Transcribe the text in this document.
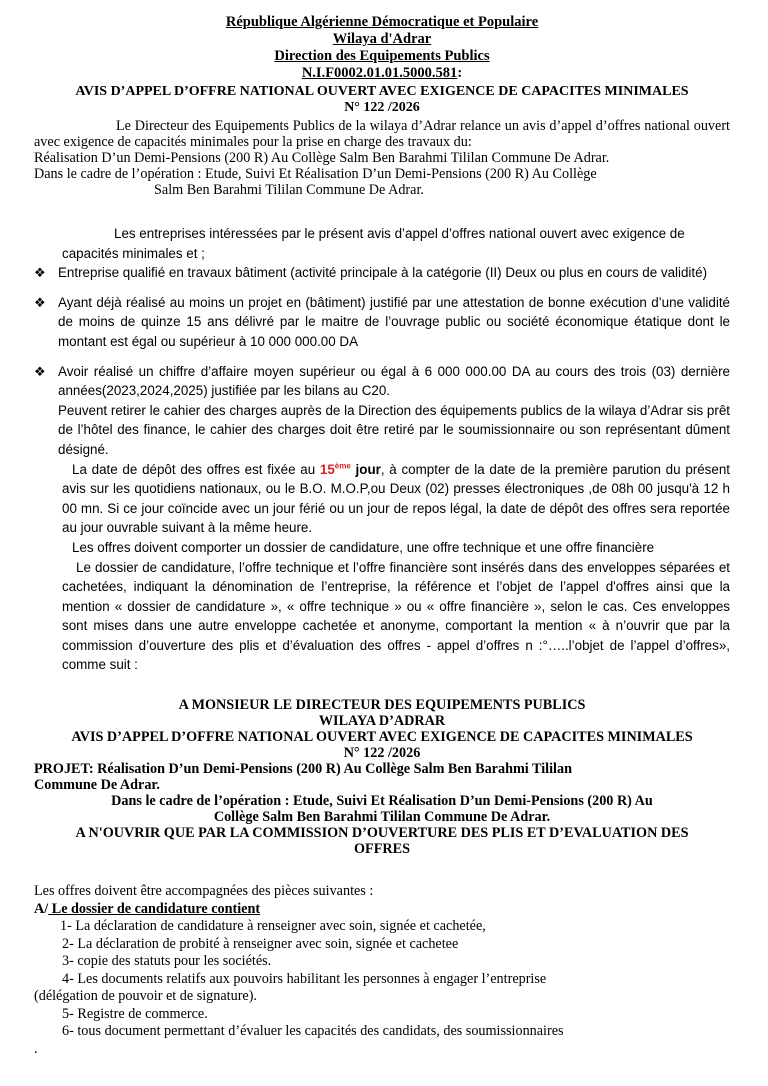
République Algérienne Démocratique et Populaire
Wilaya d'Adrar
Direction des Equipements Publics
N.I.F0002.01.01.5000.581:
AVIS D’APPEL D’OFFRE NATIONAL OUVERT AVEC EXIGENCE DE CAPACITES MINIMALES
N° 122 /2026

Le Directeur des Equipements Publics de la wilaya d’Adrar relance un avis d’appel d’offres national ouvert avec exigence de capacités minimales pour la prise en charge des travaux du:

Réalisation D’un Demi-Pensions (200 R) Au Collège Salm Ben Barahmi Tililan Commune De Adrar.

Dans le cadre de l’opération : Etude, Suivi Et Réalisation D’un Demi-Pensions (200 R) Au Collège

Salm Ben Barahmi Tililan Commune De Adrar.

Les entreprises intéressées par le présent avis d’appel d’offres national ouvert avec exigence de capacités minimales et ;

❖ Entreprise qualifié en travaux bâtiment (activité principale à la catégorie (II) Deux ou plus en cours de validité)
❖ Ayant déjà réalisé au moins un projet en (bâtiment) justifié par une attestation de bonne exécution d’une validité de moins de quinze 15 ans délivré par le maitre de l’ouvrage public ou société économique étatique dont le montant est égal ou supérieur à 10 000 000.00 DA
❖ Avoir réalisé un chiffre d’affaire moyen supérieur ou égal à 6 000 000.00 DA au cours des trois (03) dernière années(2023,2024,2025) justifiée par les bilans au C20.

Peuvent retirer le cahier des charges auprès de la Direction des équipements publics de la wilaya d’Adrar sis prêt de l’hôtel des finance, le cahier des charges doit être retiré par le soumissionnaire ou son représentant dûment désigné.

La date de dépôt des offres est fixée au 15ème jour, à compter de la date de la première parution du présent avis sur les quotidiens nationaux, ou le B.O. M.O.P,ou Deux (02) presses électroniques ,de 08h 00 jusqu'à 12 h 00 mn. Si ce jour coïncide avec un jour férié ou un jour de repos légal, la date de dépôt des offres sera reportée au jour ouvrable suivant à la même heure.

Les offres doivent comporter un dossier de candidature, une offre technique et une offre financière

Le dossier de candidature, l’offre technique et l’offre financière sont insérés dans des enveloppes séparées et cachetées, indiquant la dénomination de l’entreprise, la référence et l’objet de l’appel d'offres ainsi que la mention « dossier de candidature », « offre technique » ou « offre financière », selon le cas. Ces enveloppes sont mises dans une autre enveloppe cachetée et anonyme, comportant la mention « à n’ouvrir que par la commission d’ouverture des plis et d’évaluation des offres - appel d’offres n :°…..l’objet de l’appel d’offres», comme suit :

A MONSIEUR LE DIRECTEUR DES EQUIPEMENTS PUBLICS
WILAYA D’ADRAR
AVIS D’APPEL D’OFFRE NATIONAL OUVERT AVEC EXIGENCE DE CAPACITES MINIMALES
N° 122 /2026
PROJET: Réalisation D’un Demi-Pensions (200 R) Au Collège Salm Ben Barahmi Tililan
Commune De Adrar.
Dans le cadre de l’opération : Etude, Suivi Et Réalisation D’un Demi-Pensions (200 R) Au
Collège Salm Ben Barahmi Tililan Commune De Adrar.
A N'OUVRIR QUE PAR LA COMMISSION D’OUVERTURE DES PLIS ET D’EVALUATION DES
OFFRES

Les offres doivent être accompagnées des pièces suivantes :

A/ Le dossier de candidature contient

1- La déclaration de candidature à renseigner avec soin, signée et cachetée,

2- La déclaration de probité à renseigner avec soin, signée et cachetee

3- copie des statuts pour les sociétés.

4- Les documents relatifs aux pouvoirs habilitant les personnes à engager l’entreprise

(délégation de pouvoir et de signature).

5- Registre de commerce.

6- tous document permettant d’évaluer les capacités des candidats, des soumissionnaires

.
